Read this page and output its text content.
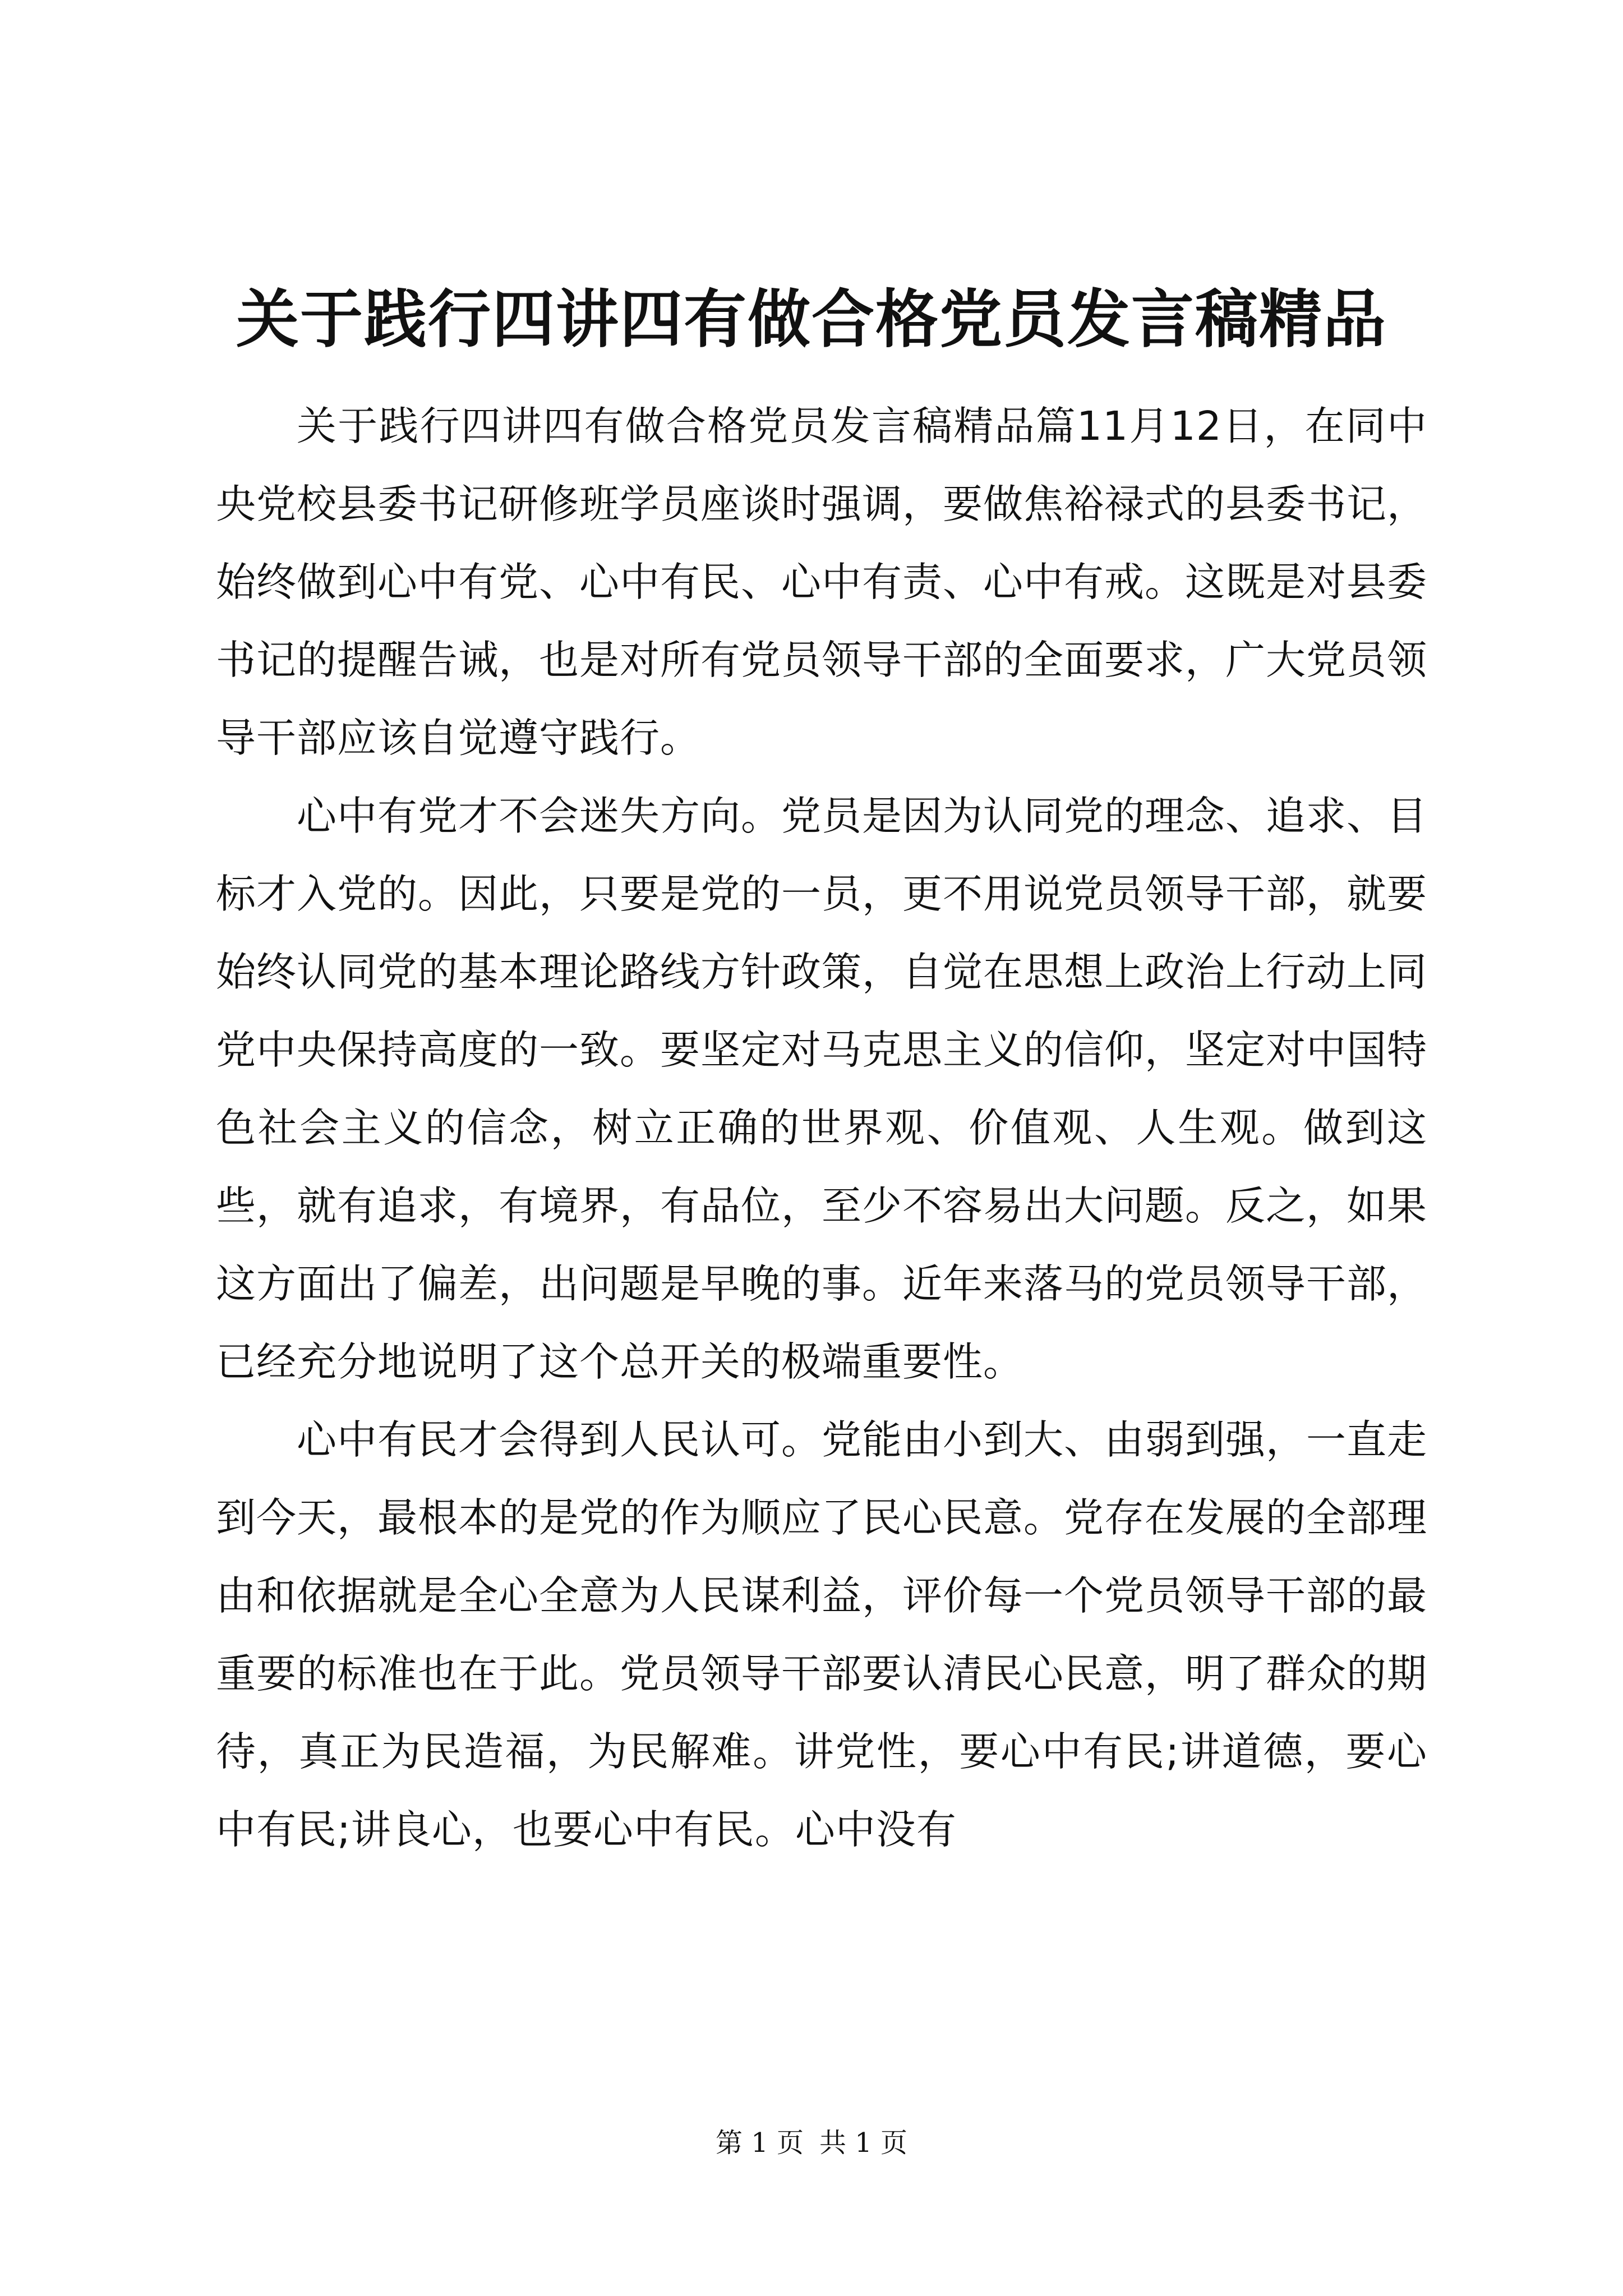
关于践行四讲四有做合格党员发言稿精品

关于践行四讲四有做合格党员发言稿精品篇11月12日，在同中央党校县委书记研修班学员座谈时强调，要做焦裕禄式的县委书记，始终做到心中有党、心中有民、心中有责、心中有戒。这既是对县委书记的提醒告诫，也是对所有党员领导干部的全面要求，广大党员领导干部应该自觉遵守践行。

心中有党才不会迷失方向。党员是因为认同党的理念、追求、目标才入党的。因此，只要是党的一员，更不用说党员领导干部，就要始终认同党的基本理论路线方针政策，自觉在思想上政治上行动上同党中央保持高度的一致。要坚定对马克思主义的信仰，坚定对中国特色社会主义的信念，树立正确的世界观、价值观、人生观。做到这些，就有追求，有境界，有品位，至少不容易出大问题。反之，如果这方面出了偏差，出问题是早晚的事。近年来落马的党员领导干部，已经充分地说明了这个总开关的极端重要性。

心中有民才会得到人民认可。党能由小到大、由弱到强，一直走到今天，最根本的是党的作为顺应了民心民意。党存在发展的全部理由和依据就是全心全意为人民谋利益，评价每一个党员领导干部的最重要的标准也在于此。党员领导干部要认清民心民意，明了群众的期待，真正为民造福，为民解难。讲党性，要心中有民;讲道德，要心中有民;讲良心，也要心中有民。心中没有

第 1 页 共 1 页
